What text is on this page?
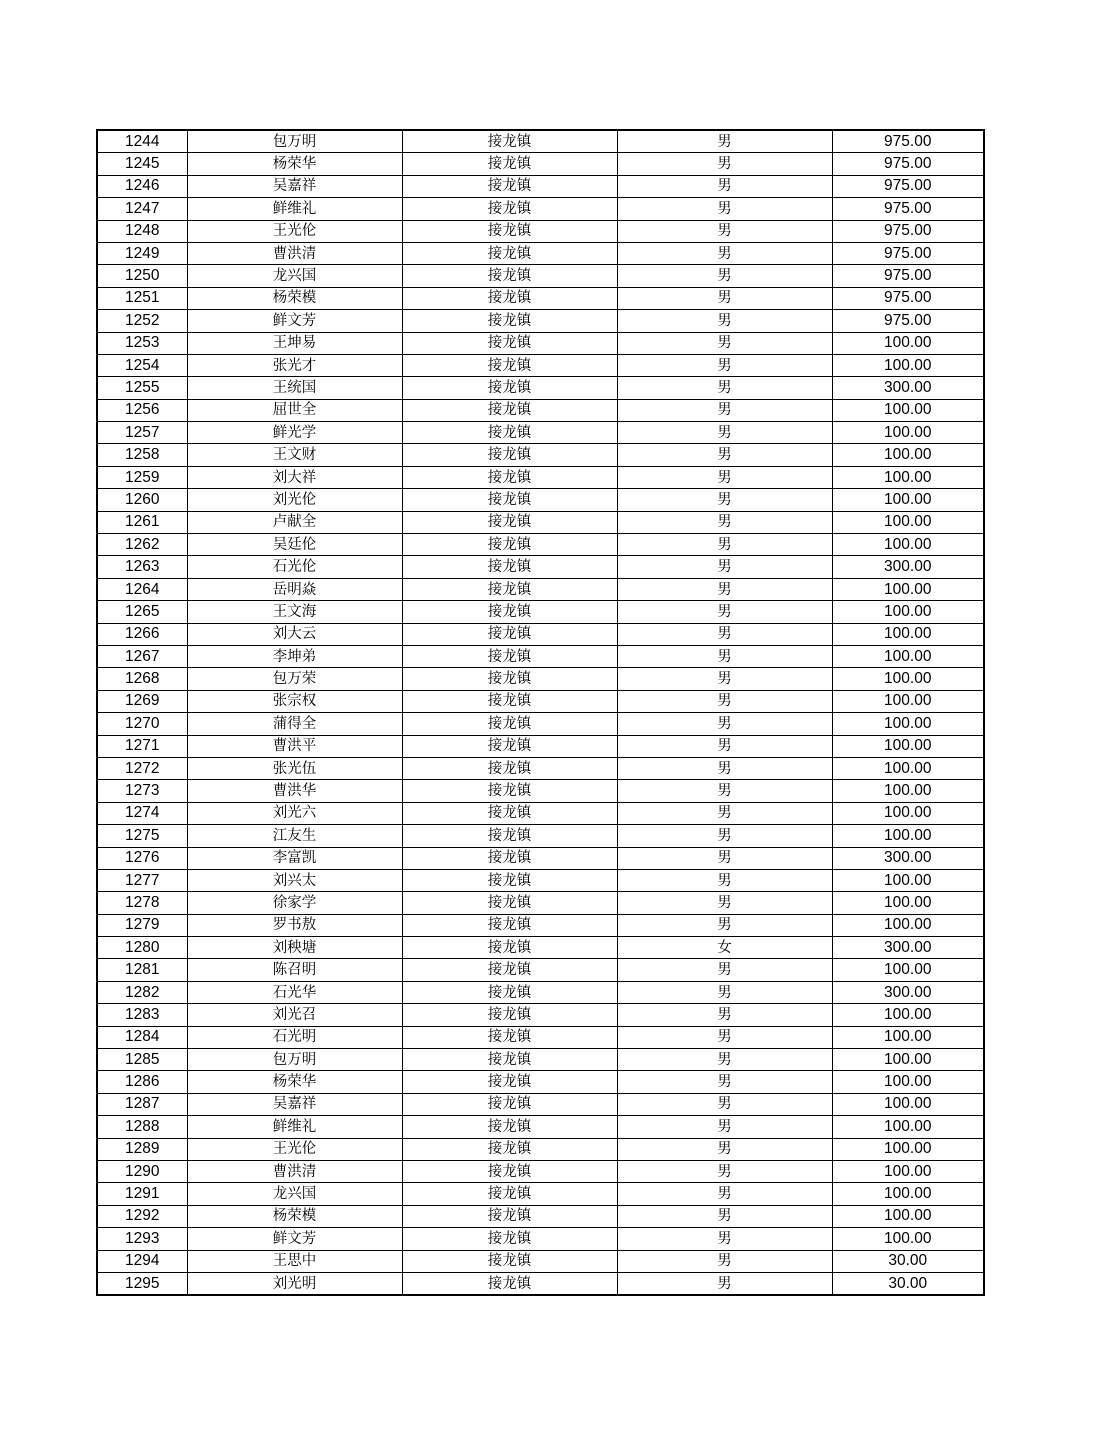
1244	包万明	接龙镇	男	975.00
1245	杨荣华	接龙镇	男	975.00
1246	吴嘉祥	接龙镇	男	975.00
1247	鲜维礼	接龙镇	男	975.00
1248	王光伦	接龙镇	男	975.00
1249	曹洪清	接龙镇	男	975.00
1250	龙兴国	接龙镇	男	975.00
1251	杨荣模	接龙镇	男	975.00
1252	鲜文芳	接龙镇	男	975.00
1253	王坤易	接龙镇	男	100.00
1254	张光才	接龙镇	男	100.00
1255	王统国	接龙镇	男	300.00
1256	屈世全	接龙镇	男	100.00
1257	鲜光学	接龙镇	男	100.00
1258	王文财	接龙镇	男	100.00
1259	刘大祥	接龙镇	男	100.00
1260	刘光伦	接龙镇	男	100.00
1261	卢献全	接龙镇	男	100.00
1262	吴廷伦	接龙镇	男	100.00
1263	石光伦	接龙镇	男	300.00
1264	岳明焱	接龙镇	男	100.00
1265	王文海	接龙镇	男	100.00
1266	刘大云	接龙镇	男	100.00
1267	李坤弟	接龙镇	男	100.00
1268	包万荣	接龙镇	男	100.00
1269	张宗权	接龙镇	男	100.00
1270	蒲得全	接龙镇	男	100.00
1271	曹洪平	接龙镇	男	100.00
1272	张光伍	接龙镇	男	100.00
1273	曹洪华	接龙镇	男	100.00
1274	刘光六	接龙镇	男	100.00
1275	江友生	接龙镇	男	100.00
1276	李富凯	接龙镇	男	300.00
1277	刘兴太	接龙镇	男	100.00
1278	徐家学	接龙镇	男	100.00
1279	罗书敖	接龙镇	男	100.00
1280	刘秧塘	接龙镇	女	300.00
1281	陈召明	接龙镇	男	100.00
1282	石光华	接龙镇	男	300.00
1283	刘光召	接龙镇	男	100.00
1284	石光明	接龙镇	男	100.00
1285	包万明	接龙镇	男	100.00
1286	杨荣华	接龙镇	男	100.00
1287	吴嘉祥	接龙镇	男	100.00
1288	鲜维礼	接龙镇	男	100.00
1289	王光伦	接龙镇	男	100.00
1290	曹洪清	接龙镇	男	100.00
1291	龙兴国	接龙镇	男	100.00
1292	杨荣模	接龙镇	男	100.00
1293	鲜文芳	接龙镇	男	100.00
1294	王思中	接龙镇	男	30.00
1295	刘光明	接龙镇	男	30.00
